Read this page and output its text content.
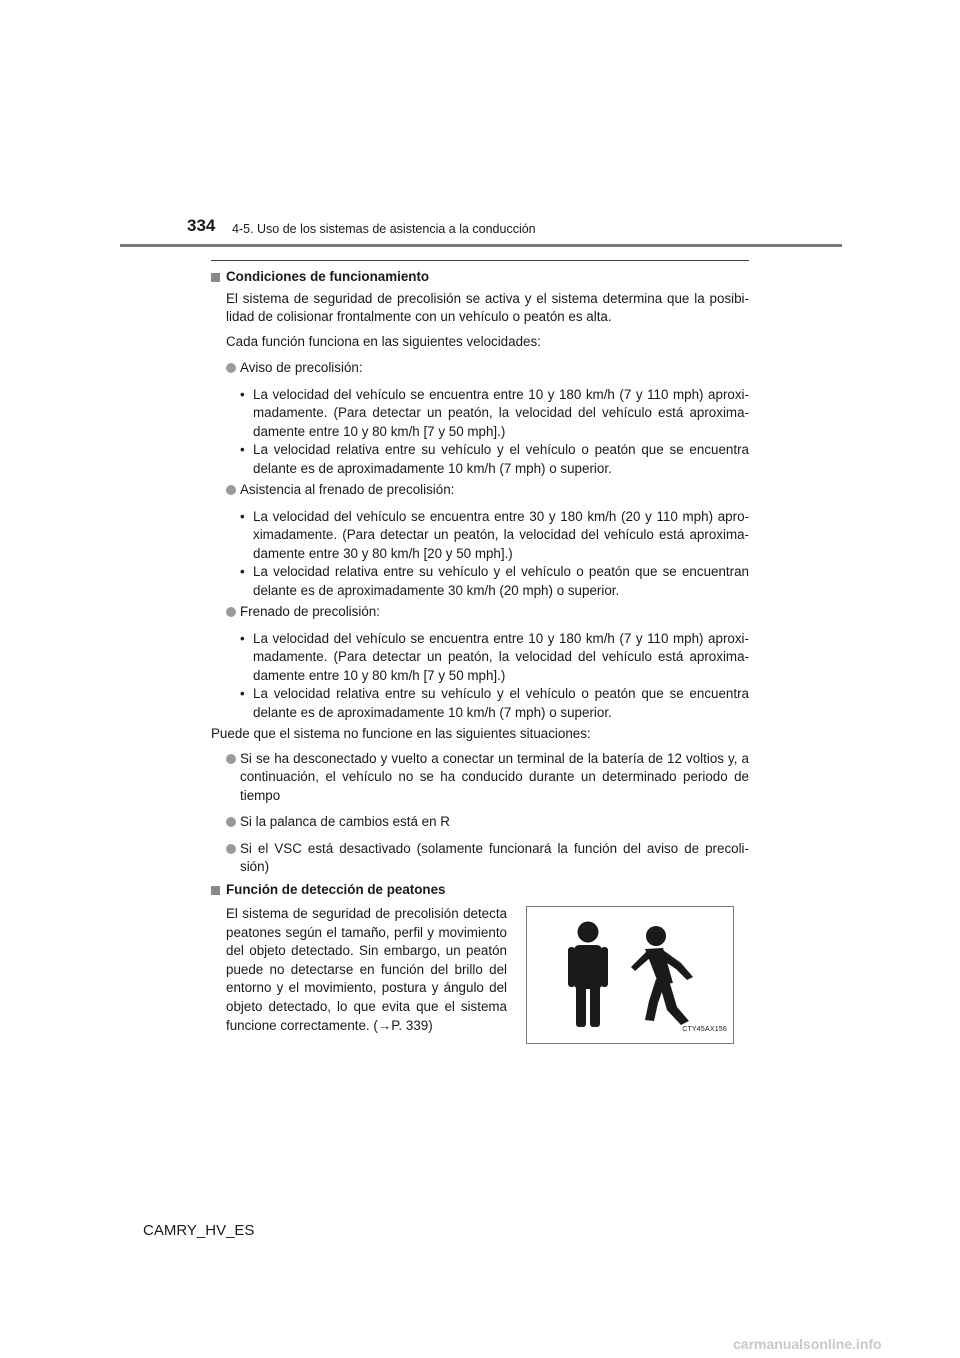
334 4-5. Uso de los sistemas de asistencia a la conducción
Condiciones de funcionamiento
El sistema de seguridad de precolisión se activa y el sistema determina que la posibi-lidad de colisionar frontalmente con un vehículo o peatón es alta.
Cada función funciona en las siguientes velocidades:
Aviso de precolisión:
• La velocidad del vehículo se encuentra entre 10 y 180 km/h (7 y 110 mph) aproxi-madamente. (Para detectar un peatón, la velocidad del vehículo está aproxima-damente entre 10 y 80 km/h [7 y 50 mph].)
• La velocidad relativa entre su vehículo y el vehículo o peatón que se encuentra delante es de aproximadamente 10 km/h (7 mph) o superior.
Asistencia al frenado de precolisión:
• La velocidad del vehículo se encuentra entre 30 y 180 km/h (20 y 110 mph) apro-ximadamente. (Para detectar un peatón, la velocidad del vehículo está aproxima-damente entre 30 y 80 km/h [20 y 50 mph].)
• La velocidad relativa entre su vehículo y el vehículo o peatón que se encuentran delante es de aproximadamente 30 km/h (20 mph) o superior.
Frenado de precolisión:
• La velocidad del vehículo se encuentra entre 10 y 180 km/h (7 y 110 mph) aproxi-madamente. (Para detectar un peatón, la velocidad del vehículo está aproxima-damente entre 10 y 80 km/h [7 y 50 mph].)
• La velocidad relativa entre su vehículo y el vehículo o peatón que se encuentra delante es de aproximadamente 10 km/h (7 mph) o superior.
Puede que el sistema no funcione en las siguientes situaciones:
Si se ha desconectado y vuelto a conectar un terminal de la batería de 12 voltios y, a continuación, el vehículo no se ha conducido durante un determinado periodo de tiempo
Si la palanca de cambios está en R
Si el VSC está desactivado (solamente funcionará la función del aviso de precoli-sión)
Función de detección de peatones
El sistema de seguridad de precolisión detecta peatones según el tamaño, perfil y movimiento del objeto detectado. Sin embargo, un peatón puede no detectarse en función del brillo del entorno y el movimiento, postura y ángulo del objeto detectado, lo que evita que el sistema funcione correctamente. (→P. 339)	CTY45AX156
CAMRY_HV_ES
carmanualsonline.info
